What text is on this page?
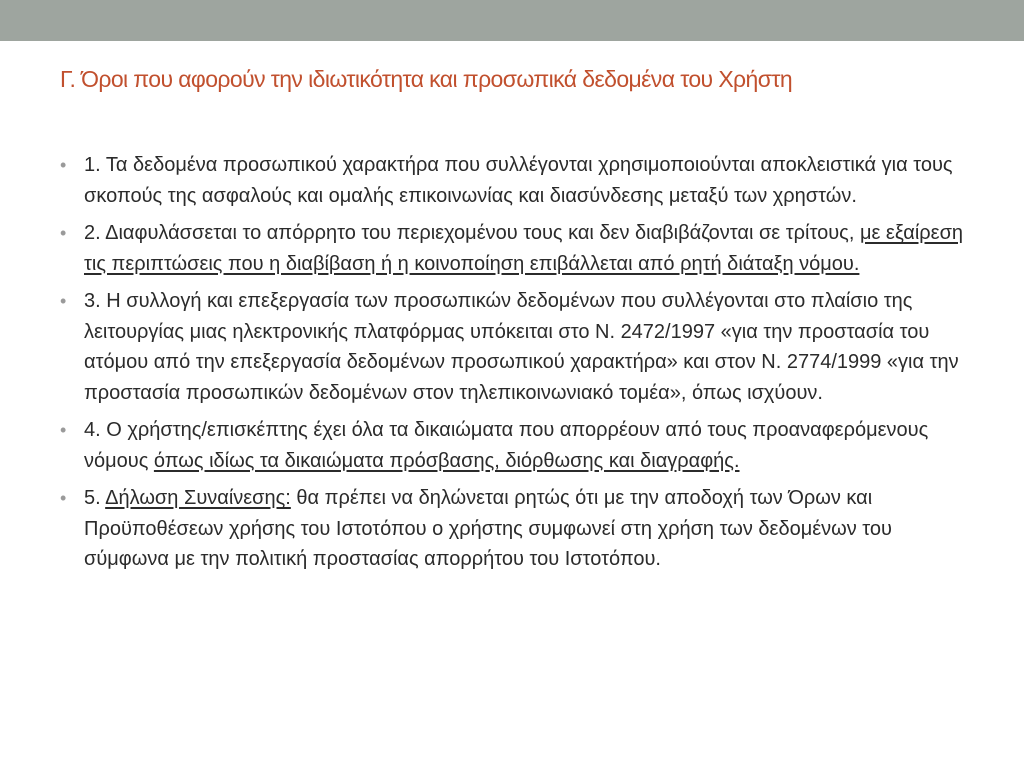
Γ. Όροι που αφορούν την ιδιωτικότητα και προσωπικά δεδομένα του Χρήστη
• 1. Τα δεδομένα προσωπικού χαρακτήρα που συλλέγονται χρησιμοποιούνται αποκλειστικά για τους σκοπούς της ασφαλούς και ομαλής επικοινωνίας και διασύνδεσης μεταξύ των χρηστών.
• 2. Διαφυλάσσεται το απόρρητο του περιεχομένου τους και δεν διαβιβάζονται σε τρίτους, με εξαίρεση τις περιπτώσεις που η διαβίβαση ή η κοινοποίηση επιβάλλεται από ρητή διάταξη νόμου.
• 3. Η συλλογή και επεξεργασία των προσωπικών δεδομένων που συλλέγονται στο πλαίσιο της λειτουργίας μιας ηλεκτρονικής πλατφόρμας υπόκειται στο Ν. 2472/1997 «για την προστασία του ατόμου από την επεξεργασία δεδομένων προσωπικού χαρακτήρα» και στον Ν. 2774/1999 «για την προστασία προσωπικών δεδομένων στον τηλεπικοινωνιακό τομέα», όπως ισχύουν.
• 4. Ο χρήστης/επισκέπτης έχει όλα τα δικαιώματα που απορρέουν από τους προαναφερόμενους νόμους όπως ιδίως τα δικαιώματα πρόσβασης, διόρθωσης και διαγραφής.
• 5. Δήλωση Συναίνεσης: θα πρέπει να δηλώνεται ρητώς ότι με την αποδοχή των Όρων και Προϋποθέσεων χρήσης του Ιστοτόπου ο χρήστης συμφωνεί στη χρήση των δεδομένων του σύμφωνα με την πολιτική προστασίας απορρήτου του Ιστοτόπου.
